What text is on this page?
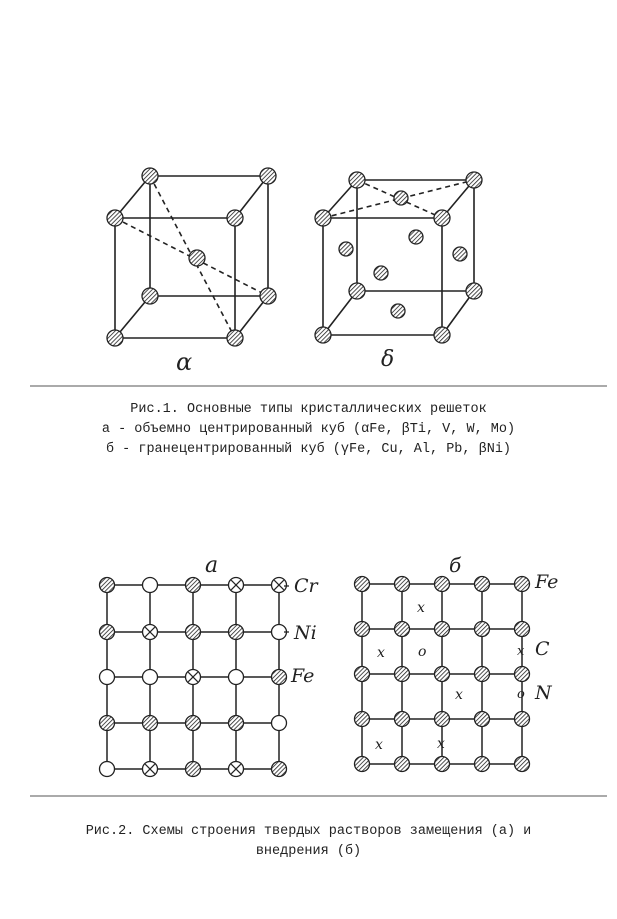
α	δ
а
Cr
Ni
Fe
x
x
x
x	x
x
o
o
б
Fe
C
N
Рис.1. Основные типы кристаллических решеток
а - объемно центрированный куб (αFe, βTi, V, W, Mo)
б - гранецентрированный куб (γFe, Cu, Al, Pb, βNi)
Рис.2. Схемы строения твердых растворов замещения (а) и
внедрения (б)
